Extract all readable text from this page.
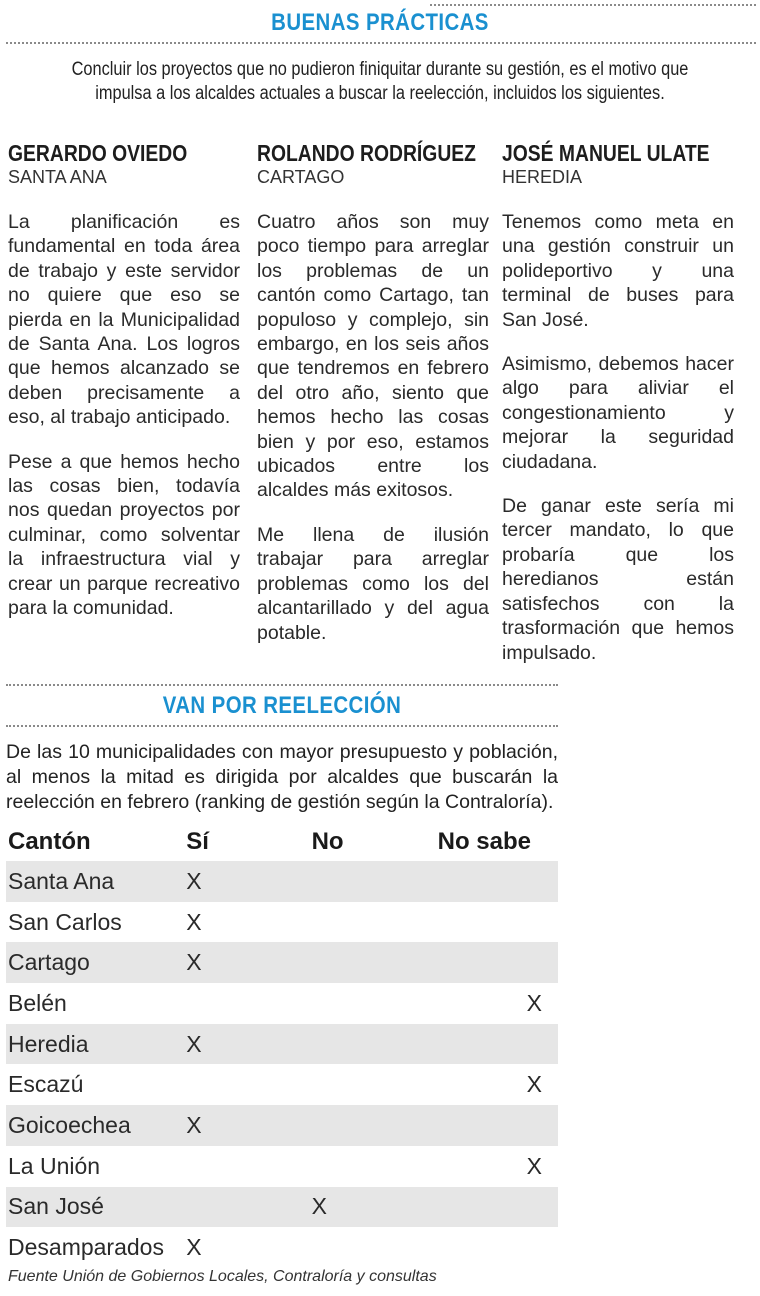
BUENAS PRÁCTICAS
Concluir los proyectos que no pudieron finiquitar durante su gestión, es el motivo que
impulsa a los alcaldes actuales a buscar la reelección, incluidos los siguientes.
GERARDO OVIEDO
SANTA ANA

La planificación es fundamental en toda área de trabajo y este servidor no quiere que eso se pierda en la Municipalidad de Santa Ana. Los logros que hemos alcanzado se deben precisamente a eso, al trabajo anticipado.

Pese a que hemos hecho las cosas bien, todavía nos quedan proyectos por culminar, como solventar la infraestructura vial y crear un parque recreativo para la comunidad.

ROLANDO RODRÍGUEZ
CARTAGO

Cuatro años son muy poco tiempo para arreglar los problemas de un cantón como Cartago, tan populoso y complejo, sin embargo, en los seis años que tendremos en febrero del otro año, siento que hemos hecho las cosas bien y por eso, estamos ubicados entre los alcaldes más exitosos.

Me llena de ilusión trabajar para arreglar problemas como los del alcantarillado y del agua potable.

JOSÉ MANUEL ULATE
HEREDIA

Tenemos como meta en una gestión construir un polideportivo y una terminal de buses para San José.

Asimismo, debemos hacer algo para aliviar el congestionamiento y mejorar la seguridad ciudadana.

De ganar este sería mi tercer mandato, lo que probaría que los heredianos están satisfechos con la trasformación que hemos impulsado.

VAN POR REELECCIÓN
De las 10 municipalidades con mayor presupuesto y población, al menos la mitad es dirigida por alcaldes que buscarán la reelección en febrero (ranking de gestión según la Contraloría).
Cantón	Sí	No	No sabe
Santa Ana	X		
San Carlos	X		
Cartago	X		
Belén			X
Heredia	X		
Escazú			X
Goicoechea	X		
La Unión			X
San José		X	
Desamparados	X		
Fuente Unión de Gobiernos Locales, Contraloría y consultas
